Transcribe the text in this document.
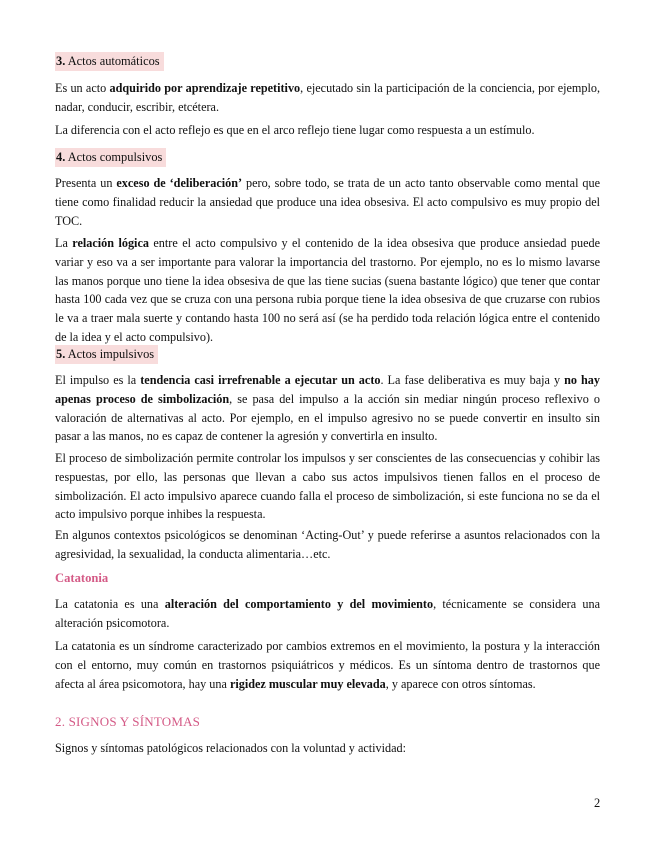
3. Actos automáticos

Es un acto adquirido por aprendizaje repetitivo, ejecutado sin la participación de la conciencia, por ejemplo, nadar, conducir, escribir, etcétera.

La diferencia con el acto reflejo es que en el arco reflejo tiene lugar como respuesta a un estímulo.

4. Actos compulsivos

Presenta un exceso de ‘deliberación’ pero, sobre todo, se trata de un acto tanto observable como mental que tiene como finalidad reducir la ansiedad que produce una idea obsesiva. El acto compulsivo es muy propio del TOC.

La relación lógica entre el acto compulsivo y el contenido de la idea obsesiva que produce ansiedad puede variar y eso va a ser importante para valorar la importancia del trastorno. Por ejemplo, no es lo mismo lavarse las manos porque uno tiene la idea obsesiva de que las tiene sucias (suena bastante lógico) que tener que contar hasta 100 cada vez que se cruza con una persona rubia porque tiene la idea obsesiva de que cruzarse con rubios le va a traer mala suerte y contando hasta 100 no será así (se ha perdido toda relación lógica entre el contenido de la idea y el acto compulsivo).

5. Actos impulsivos

El impulso es la tendencia casi irrefrenable a ejecutar un acto. La fase deliberativa es muy baja y no hay apenas proceso de simbolización, se pasa del impulso a la acción sin mediar ningún proceso reflexivo o valoración de alternativas al acto. Por ejemplo, en el impulso agresivo no se puede convertir en insulto sin pasar a las manos, no es capaz de contener la agresión y convertirla en insulto.

El proceso de simbolización permite controlar los impulsos y ser conscientes de las consecuencias y cohibir las respuestas, por ello, las personas que llevan a cabo sus actos impulsivos tienen fallos en el proceso de simbolización. El acto impulsivo aparece cuando falla el proceso de simbolización, si este funciona no se da el acto impulsivo porque inhibes la respuesta.

En algunos contextos psicológicos se denominan ‘Acting-Out’ y puede referirse a asuntos relacionados con la agresividad, la sexualidad, la conducta alimentaria…etc.

Catatonia

La catatonia es una alteración del comportamiento y del movimiento, técnicamente se considera una alteración psicomotora.

La catatonia es un síndrome caracterizado por cambios extremos en el movimiento, la postura y la interacción con el entorno, muy común en trastornos psiquiátricos y médicos. Es un síntoma dentro de trastornos que afecta al área psicomotora, hay una rigidez muscular muy elevada, y aparece con otros síntomas.

2. SIGNOS Y SÍNTOMAS

Signos y síntomas patológicos relacionados con la voluntad y actividad:

2
